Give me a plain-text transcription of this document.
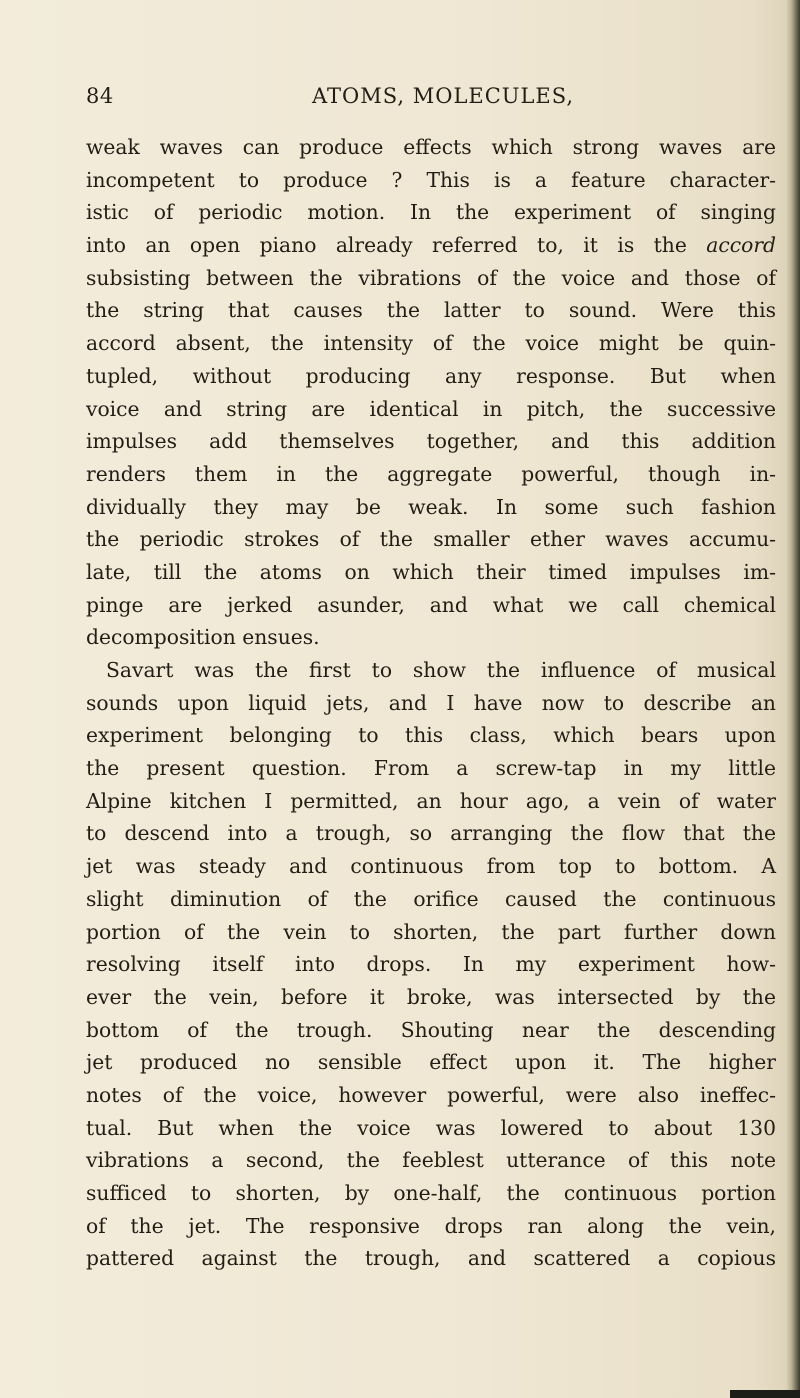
84	ATOMS, MOLECULES,
weak waves can produce effects which strong waves are
incompetent to produce ? This is a feature character-
istic of periodic motion. In the experiment of singing
into an open piano already referred to, it is the accord
subsisting between the vibrations of the voice and those of
the string that causes the latter to sound. Were this
accord absent, the intensity of the voice might be quin-
tupled, without producing any response. But when
voice and string are identical in pitch, the successive
impulses add themselves together, and this addition
renders them in the aggregate powerful, though in-
dividually they may be weak. In some such fashion
the periodic strokes of the smaller ether waves accumu-
late, till the atoms on which their timed impulses im-
pinge are jerked asunder, and what we call chemical
decomposition ensues.
Savart was the first to show the influence of musical
sounds upon liquid jets, and I have now to describe an
experiment belonging to this class, which bears upon
the present question. From a screw-tap in my little
Alpine kitchen I permitted, an hour ago, a vein of water
to descend into a trough, so arranging the flow that the
jet was steady and continuous from top to bottom. A
slight diminution of the orifice caused the continuous
portion of the vein to shorten, the part further down
resolving itself into drops. In my experiment how-
ever the vein, before it broke, was intersected by the
bottom of the trough. Shouting near the descending
jet produced no sensible effect upon it. The higher
notes of the voice, however powerful, were also ineffec-
tual. But when the voice was lowered to about 130
vibrations a second, the feeblest utterance of this note
sufficed to shorten, by one-half, the continuous portion
of the jet. The responsive drops ran along the vein,
pattered against the trough, and scattered a copious
